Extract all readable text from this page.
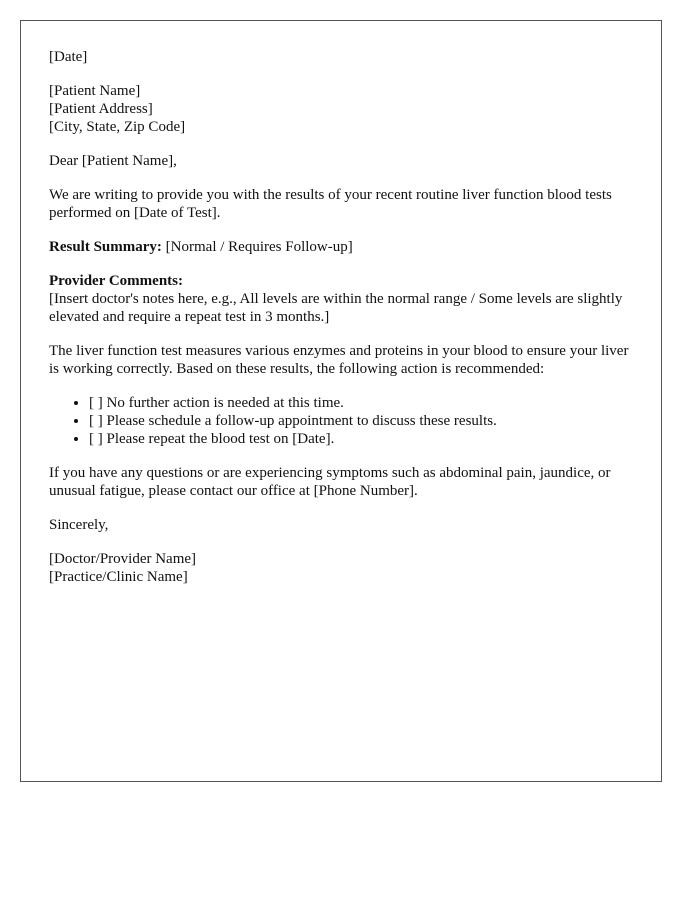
[Date]

[Patient Name]
[Patient Address]
[City, State, Zip Code]

Dear [Patient Name],

We are writing to provide you with the results of your recent routine liver function blood tests performed on [Date of Test].

Result Summary: [Normal / Requires Follow-up]

Provider Comments:
[Insert doctor's notes here, e.g., All levels are within the normal range / Some levels are slightly elevated and require a repeat test in 3 months.]

The liver function test measures various enzymes and proteins in your blood to ensure your liver is working correctly. Based on these results, the following action is recommended:

• [ ] No further action is needed at this time.
• [ ] Please schedule a follow-up appointment to discuss these results.
• [ ] Please repeat the blood test on [Date].

If you have any questions or are experiencing symptoms such as abdominal pain, jaundice, or unusual fatigue, please contact our office at [Phone Number].

Sincerely,

[Doctor/Provider Name]
[Practice/Clinic Name]
